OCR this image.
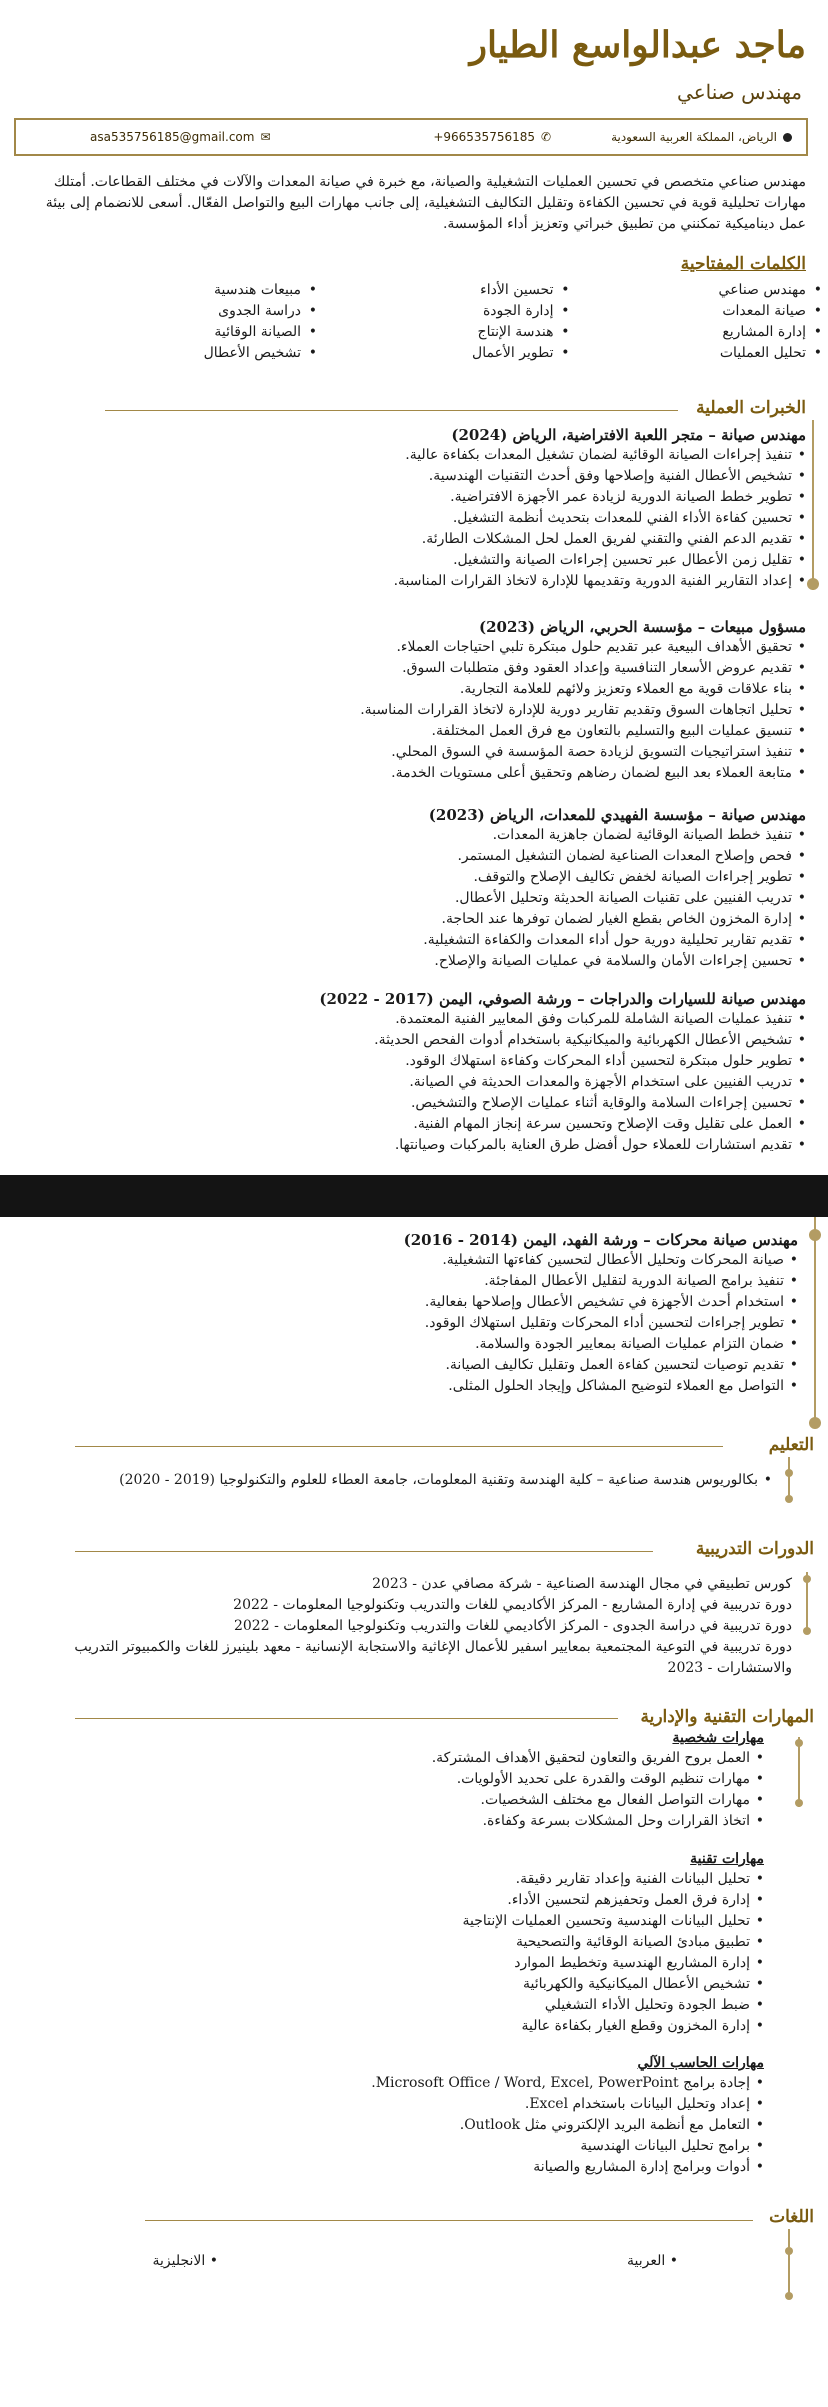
ماجد عبدالواسع الطيار
مهندس صناعي
الرياض، المملكة العربية السعودية
✆
+966535756185
✉
asa535756185@gmail.com
مهندس صناعي متخصص في تحسين العمليات التشغيلية والصيانة، مع خبرة في صيانة المعدات والآلات في مختلف القطاعات. أمتلك مهارات تحليلية قوية في تحسين الكفاءة وتقليل التكاليف التشغيلية، إلى جانب مهارات البيع والتواصل الفعّال. أسعى للانضمام إلى بيئة عمل ديناميكية تمكنني من تطبيق خبراتي وتعزيز أداء المؤسسة.
الكلمات المفتاحية
• مهندس صناعي
• صيانة المعدات
• إدارة المشاريع
• تحليل العمليات
• تحسين الأداء
• إدارة الجودة
• هندسة الإنتاج
• تطوير الأعمال
• مبيعات هندسية
• دراسة الجدوى
• الصيانة الوقائية
• تشخيص الأعطال
الخبرات العملية
مهندس صيانة – متجر اللعبة الافتراضية، الرياض (2024)
• تنفيذ إجراءات الصيانة الوقائية لضمان تشغيل المعدات بكفاءة عالية.
• تشخيص الأعطال الفنية وإصلاحها وفق أحدث التقنيات الهندسية.
• تطوير خطط الصيانة الدورية لزيادة عمر الأجهزة الافتراضية.
• تحسين كفاءة الأداء الفني للمعدات بتحديث أنظمة التشغيل.
• تقديم الدعم الفني والتقني لفريق العمل لحل المشكلات الطارئة.
• تقليل زمن الأعطال عبر تحسين إجراءات الصيانة والتشغيل.
• إعداد التقارير الفنية الدورية وتقديمها للإدارة لاتخاذ القرارات المناسبة.
مسؤول مبيعات – مؤسسة الحربي، الرياض (2023)
• تحقيق الأهداف البيعية عبر تقديم حلول مبتكرة تلبي احتياجات العملاء.
• تقديم عروض الأسعار التنافسية وإعداد العقود وفق متطلبات السوق.
• بناء علاقات قوية مع العملاء وتعزيز ولائهم للعلامة التجارية.
• تحليل اتجاهات السوق وتقديم تقارير دورية للإدارة لاتخاذ القرارات المناسبة.
• تنسيق عمليات البيع والتسليم بالتعاون مع فرق العمل المختلفة.
• تنفيذ استراتيجيات التسويق لزيادة حصة المؤسسة في السوق المحلي.
• متابعة العملاء بعد البيع لضمان رضاهم وتحقيق أعلى مستويات الخدمة.
مهندس صيانة – مؤسسة الفهيدي للمعدات، الرياض (2023)
• تنفيذ خطط الصيانة الوقائية لضمان جاهزية المعدات.
• فحص وإصلاح المعدات الصناعية لضمان التشغيل المستمر.
• تطوير إجراءات الصيانة لخفض تكاليف الإصلاح والتوقف.
• تدريب الفنيين على تقنيات الصيانة الحديثة وتحليل الأعطال.
• إدارة المخزون الخاص بقطع الغيار لضمان توفرها عند الحاجة.
• تقديم تقارير تحليلية دورية حول أداء المعدات والكفاءة التشغيلية.
• تحسين إجراءات الأمان والسلامة في عمليات الصيانة والإصلاح.
مهندس صيانة للسيارات والدراجات – ورشة الصوفي، اليمن (2017 - 2022)
• تنفيذ عمليات الصيانة الشاملة للمركبات وفق المعايير الفنية المعتمدة.
• تشخيص الأعطال الكهربائية والميكانيكية باستخدام أدوات الفحص الحديثة.
• تطوير حلول مبتكرة لتحسين أداء المحركات وكفاءة استهلاك الوقود.
• تدريب الفنيين على استخدام الأجهزة والمعدات الحديثة في الصيانة.
• تحسين إجراءات السلامة والوقاية أثناء عمليات الإصلاح والتشخيص.
• العمل على تقليل وقت الإصلاح وتحسين سرعة إنجاز المهام الفنية.
• تقديم استشارات للعملاء حول أفضل طرق العناية بالمركبات وصيانتها.
مهندس صيانة محركات – ورشة الفهد، اليمن (2014 - 2016)
• صيانة المحركات وتحليل الأعطال لتحسين كفاءتها التشغيلية.
• تنفيذ برامج الصيانة الدورية لتقليل الأعطال المفاجئة.
• استخدام أحدث الأجهزة في تشخيص الأعطال وإصلاحها بفعالية.
• تطوير إجراءات لتحسين أداء المحركات وتقليل استهلاك الوقود.
• ضمان التزام عمليات الصيانة بمعايير الجودة والسلامة.
• تقديم توصيات لتحسين كفاءة العمل وتقليل تكاليف الصيانة.
• التواصل مع العملاء لتوضيح المشاكل وإيجاد الحلول المثلى.
التعليم
• بكالوريوس هندسة صناعية – كلية الهندسة وتقنية المعلومات، جامعة العطاء للعلوم والتكنولوجيا (2019 - 2020)
الدورات التدريبية
كورس تطبيقي في مجال الهندسة الصناعية - شركة مصافي عدن - 2023
دورة تدريبية في إدارة المشاريع - المركز الأكاديمي للغات والتدريب وتكنولوجيا المعلومات - 2022
دورة تدريبية في دراسة الجدوى - المركز الأكاديمي للغات والتدريب وتكنولوجيا المعلومات - 2022
دورة تدريبية في التوعية المجتمعية بمعايير اسفير للأعمال الإغاثية والاستجابة الإنسانية - معهد بلينيرز للغات والكمبيوتر التدريب والاستشارات - 2023
المهارات التقنية والإدارية
مهارات شخصية
• العمل بروح الفريق والتعاون لتحقيق الأهداف المشتركة.
• مهارات تنظيم الوقت والقدرة على تحديد الأولويات.
• مهارات التواصل الفعال مع مختلف الشخصيات.
• اتخاذ القرارات وحل المشكلات بسرعة وكفاءة.
مهارات تقنية
• تحليل البيانات الفنية وإعداد تقارير دقيقة.
• إدارة فرق العمل وتحفيزهم لتحسين الأداء.
• تحليل البيانات الهندسية وتحسين العمليات الإنتاجية
• تطبيق مبادئ الصيانة الوقائية والتصحيحية
• إدارة المشاريع الهندسية وتخطيط الموارد
• تشخيص الأعطال الميكانيكية والكهربائية
• ضبط الجودة وتحليل الأداء التشغيلي
• إدارة المخزون وقطع الغيار بكفاءة عالية
مهارات الحاسب الآلي
• إجادة برامج Microsoft Office / Word, Excel, PowerPoint.
• إعداد وتحليل البيانات باستخدام Excel.
• التعامل مع أنظمة البريد الإلكتروني مثل Outlook.
• برامج تحليل البيانات الهندسية
• أدوات وبرامج إدارة المشاريع والصيانة
اللغات
• العربية
• الانجليزية
